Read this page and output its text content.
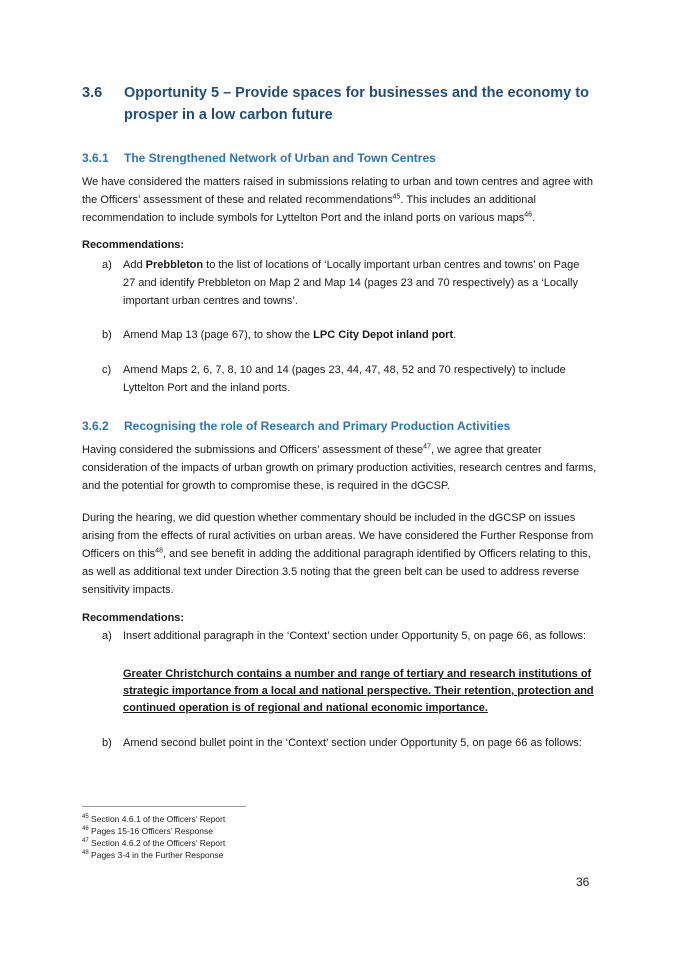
3.6 Opportunity 5 – Provide spaces for businesses and the economy to prosper in a low carbon future
3.6.1 The Strengthened Network of Urban and Town Centres
We have considered the matters raised in submissions relating to urban and town centres and agree with the Officers’ assessment of these and related recommendations$^{45}$. This includes an additional recommendation to include symbols for Lyttelton Port and the inland ports on various maps$^{46}$.
Recommendations:
a)	Add Prebbleton to the list of locations of ‘Locally important urban centres and towns’ on Page 27 and identify Prebbleton on Map 2 and Map 14 (pages 23 and 70 respectively) as a ‘Locally important urban centres and towns’.
b)	Amend Map 13 (page 67), to show the LPC City Depot inland port.
c)	Amend Maps 2, 6, 7, 8, 10 and 14 (pages 23, 44, 47, 48, 52 and 70 respectively) to include Lyttelton Port and the inland ports.
3.6.2 Recognising the role of Research and Primary Production Activities
Having considered the submissions and Officers’ assessment of these$^{47}$, we agree that greater consideration of the impacts of urban growth on primary production activities, research centres and farms, and the potential for growth to compromise these, is required in the dGCSP.
During the hearing, we did question whether commentary should be included in the dGCSP on issues arising from the effects of rural activities on urban areas. We have considered the Further Response from Officers on this$^{48}$, and see benefit in adding the additional paragraph identified by Officers relating to this, as well as additional text under Direction 3.5 noting that the green belt can be used to address reverse sensitivity impacts.
Recommendations:
a)	Insert additional paragraph in the ‘Context’ section under Opportunity 5, on page 66, as follows:
Greater Christchurch contains a number and range of tertiary and research institutions of strategic importance from a local and national perspective. Their retention, protection and continued operation is of regional and national economic importance.
b)	Amend second bullet point in the ‘Context’ section under Opportunity 5, on page 66 as follows:
$^{45}$ Section 4.6.1 of the Officers’ Report
$^{46}$ Pages 15-16 Officers’ Response
$^{47}$ Section 4.6.2 of the Officers’ Report
$^{48}$ Pages 3-4 in the Further Response
36
